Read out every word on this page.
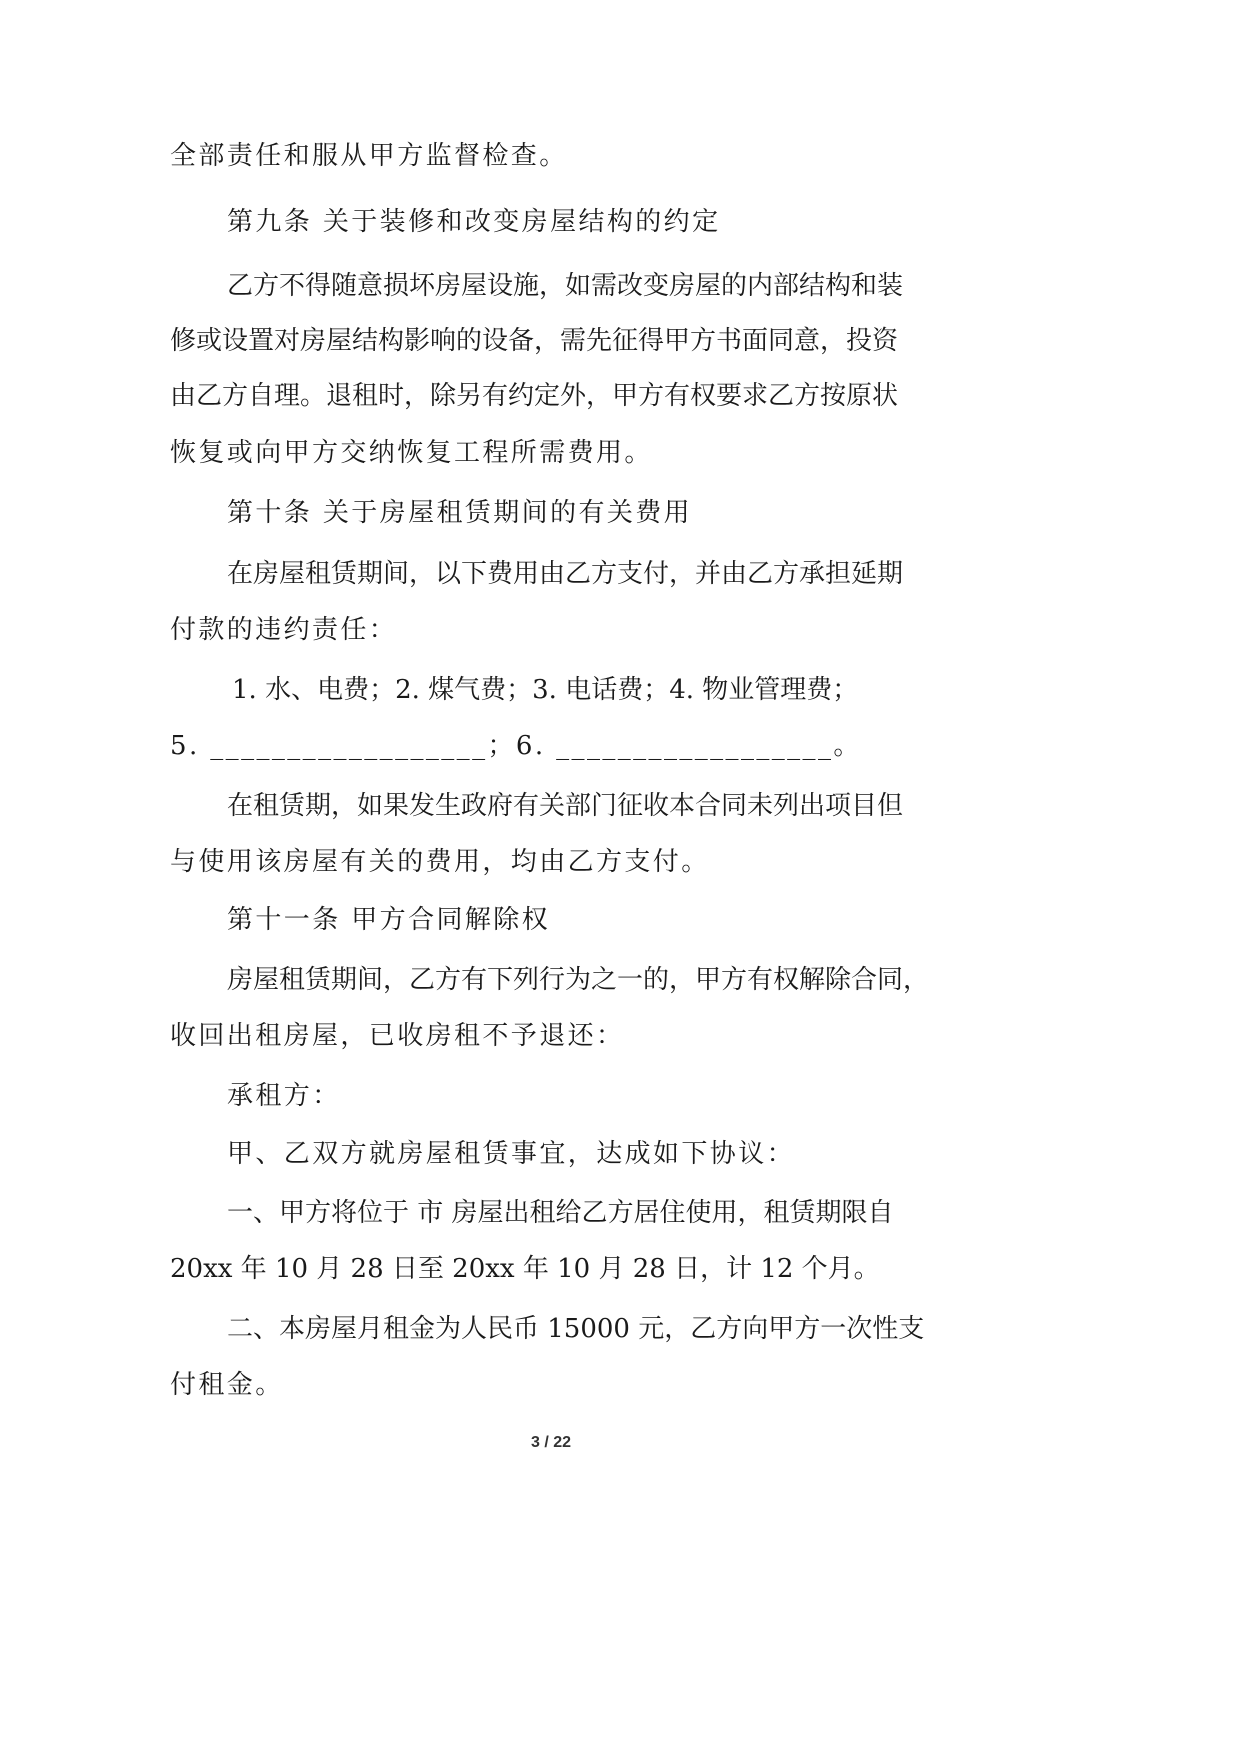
全部责任和服从甲方监督检查。
第九条 关于装修和改变房屋结构的约定
乙方不得随意损坏房屋设施，如需改变房屋的内部结构和装
修或设置对房屋结构影响的设备，需先征得甲方书面同意，投资
由乙方自理。退租时，除另有约定外，甲方有权要求乙方按原状
恢复或向甲方交纳恢复工程所需费用。
第十条 关于房屋租赁期间的有关费用
在房屋租赁期间，以下费用由乙方支付，并由乙方承担延期
付款的违约责任：
1. 水、电费；2. 煤气费；3. 电话费；4. 物业管理费；
5. __________________；6. __________________。
在租赁期，如果发生政府有关部门征收本合同未列出项目但
与使用该房屋有关的费用，均由乙方支付。
第十一条 甲方合同解除权
房屋租赁期间，乙方有下列行为之一的，甲方有权解除合同，
收回出租房屋，已收房租不予退还：
承租方：
甲、乙双方就房屋租赁事宜，达成如下协议：
一、甲方将位于 市 房屋出租给乙方居住使用，租赁期限自
20xx 年 10 月 28 日至 20xx 年 10 月 28 日，计 12 个月。
二、本房屋月租金为人民币 15000 元，乙方向甲方一次性支
付租金。
3 / 22
